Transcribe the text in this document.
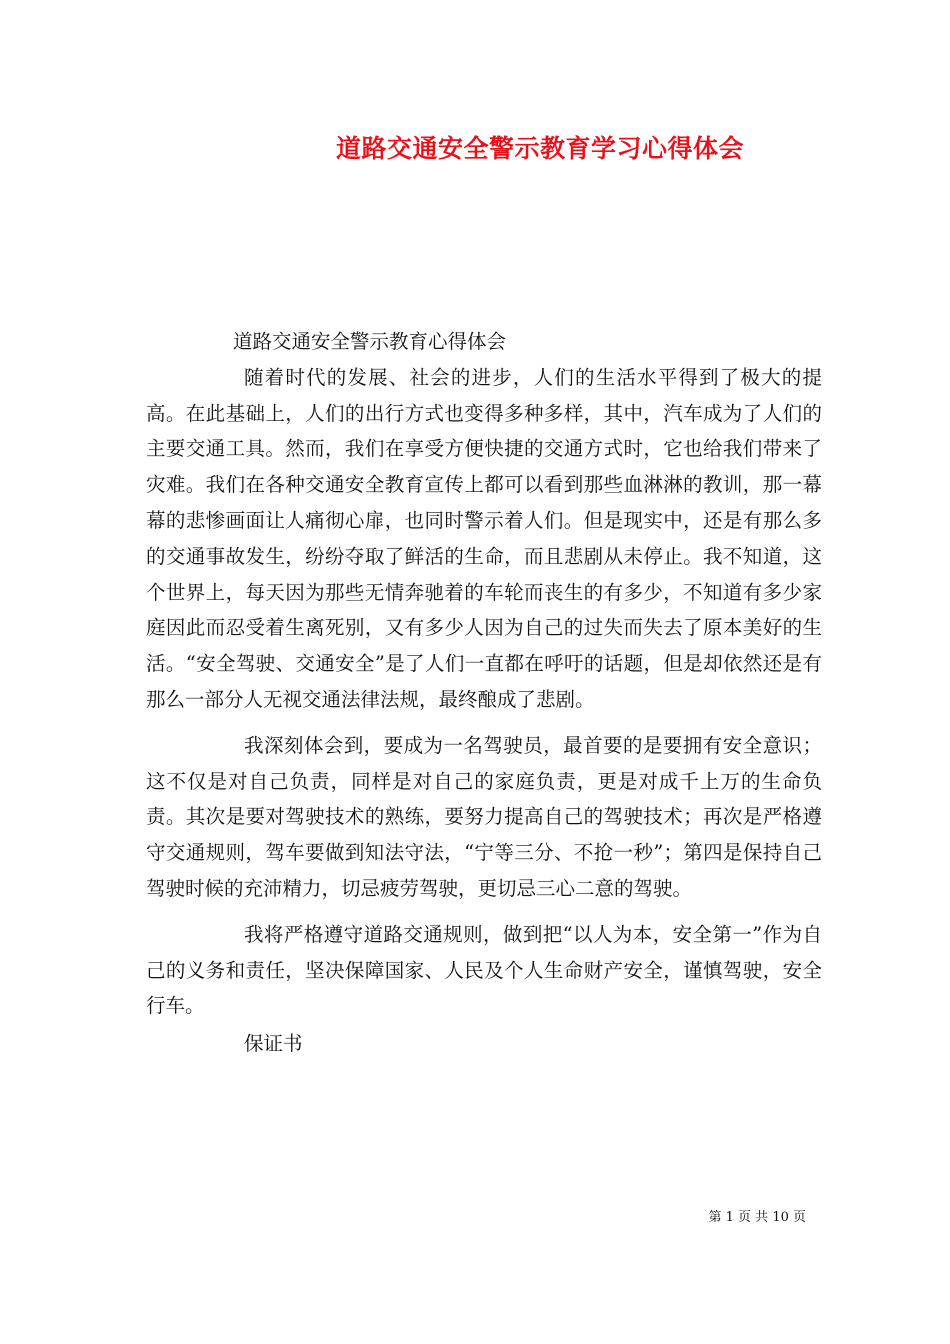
道路交通安全警示教育学习心得体会
道路交通安全警示教育心得体会

随着时代的发展、社会的进步，人们的生活水平得到了极大的提高。在此基础上，人们的出行方式也变得多种多样，其中，汽车成为了人们的主要交通工具。然而，我们在享受方便快捷的交通方式时，它也给我们带来了灾难。我们在各种交通安全教育宣传上都可以看到那些血淋淋的教训，那一幕幕的悲惨画面让人痛彻心扉，也同时警示着人们。但是现实中，还是有那么多的交通事故发生，纷纷夺取了鲜活的生命，而且悲剧从未停止。我不知道，这个世界上，每天因为那些无情奔驰着的车轮而丧生的有多少，不知道有多少家庭因此而忍受着生离死别，又有多少人因为自己的过失而失去了原本美好的生活。“安全驾驶、交通安全”是了人们一直都在呼吁的话题，但是却依然还是有那么一部分人无视交通法律法规，最终酿成了悲剧。

我深刻体会到，要成为一名驾驶员，最首要的是要拥有安全意识；这不仅是对自己负责，同样是对自己的家庭负责，更是对成千上万的生命负责。其次是要对驾驶技术的熟练，要努力提高自己的驾驶技术；再次是严格遵守交通规则，驾车要做到知法守法，“宁等三分、不抢一秒”；第四是保持自己驾驶时候的充沛精力，切忌疲劳驾驶，更切忌三心二意的驾驶。

我将严格遵守道路交通规则，做到把“以人为本，安全第一”作为自己的义务和责任，坚决保障国家、人民及个人生命财产安全，谨慎驾驶，安全行车。

保证书
第 1 页 共 10 页
